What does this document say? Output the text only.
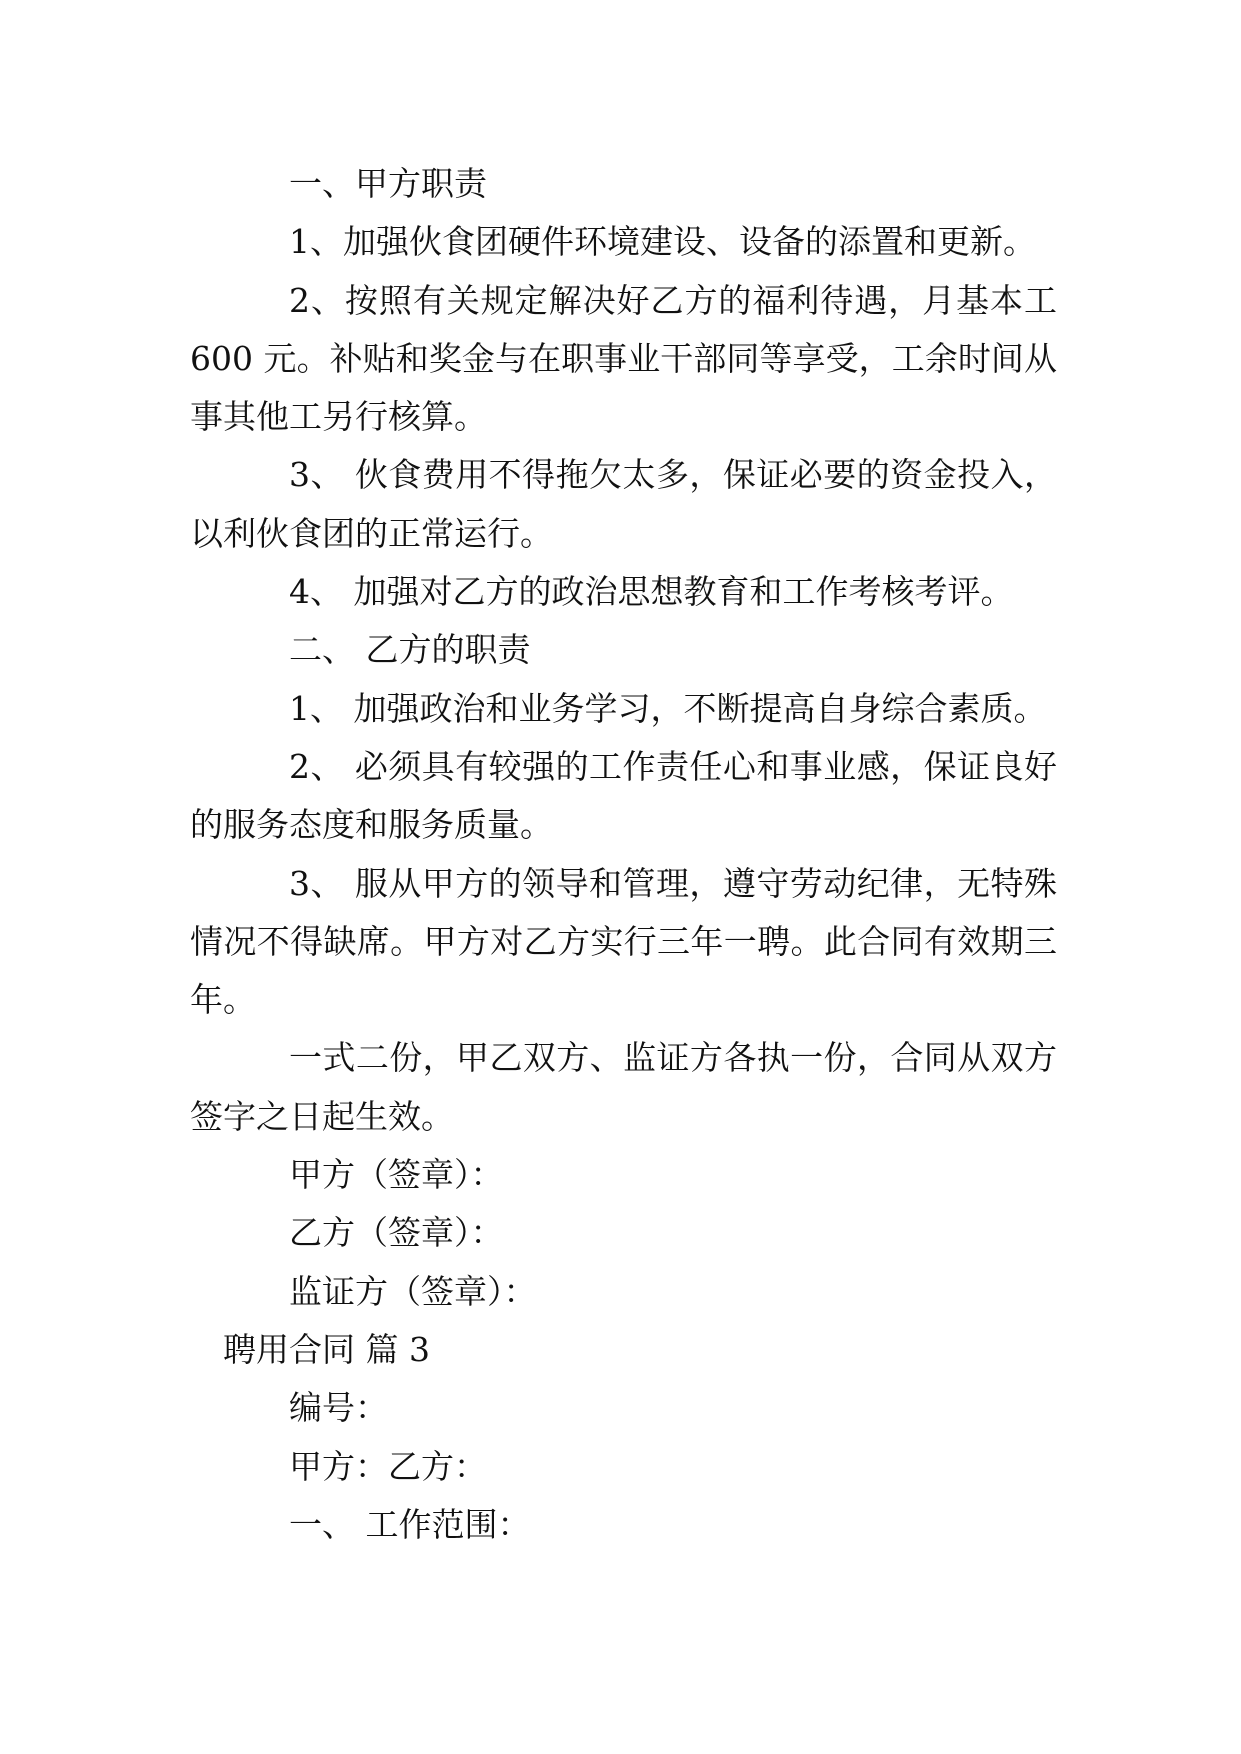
一、甲方职责
1、加强伙食团硬件环境建设、设备的添置和更新。
2、按照有关规定解决好乙方的福利待遇，月基本工
600 元。补贴和奖金与在职事业干部同等享受，工余时间从
事其他工另行核算。
3、 伙食费用不得拖欠太多，保证必要的资金投入，
以利伙食团的正常运行。
4、 加强对乙方的政治思想教育和工作考核考评。
二、 乙方的职责
1、 加强政治和业务学习，不断提高自身综合素质。
2、 必须具有较强的工作责任心和事业感，保证良好
的服务态度和服务质量。
3、 服从甲方的领导和管理，遵守劳动纪律，无特殊
情况不得缺席。甲方对乙方实行三年一聘。此合同有效期三
年。
一式二份，甲乙双方、监证方各执一份，合同从双方
签字之日起生效。
甲方（签章）：
乙方（签章）：
监证方（签章）：
聘用合同 篇 3
编号：
甲方：乙方：
一、 工作范围：
